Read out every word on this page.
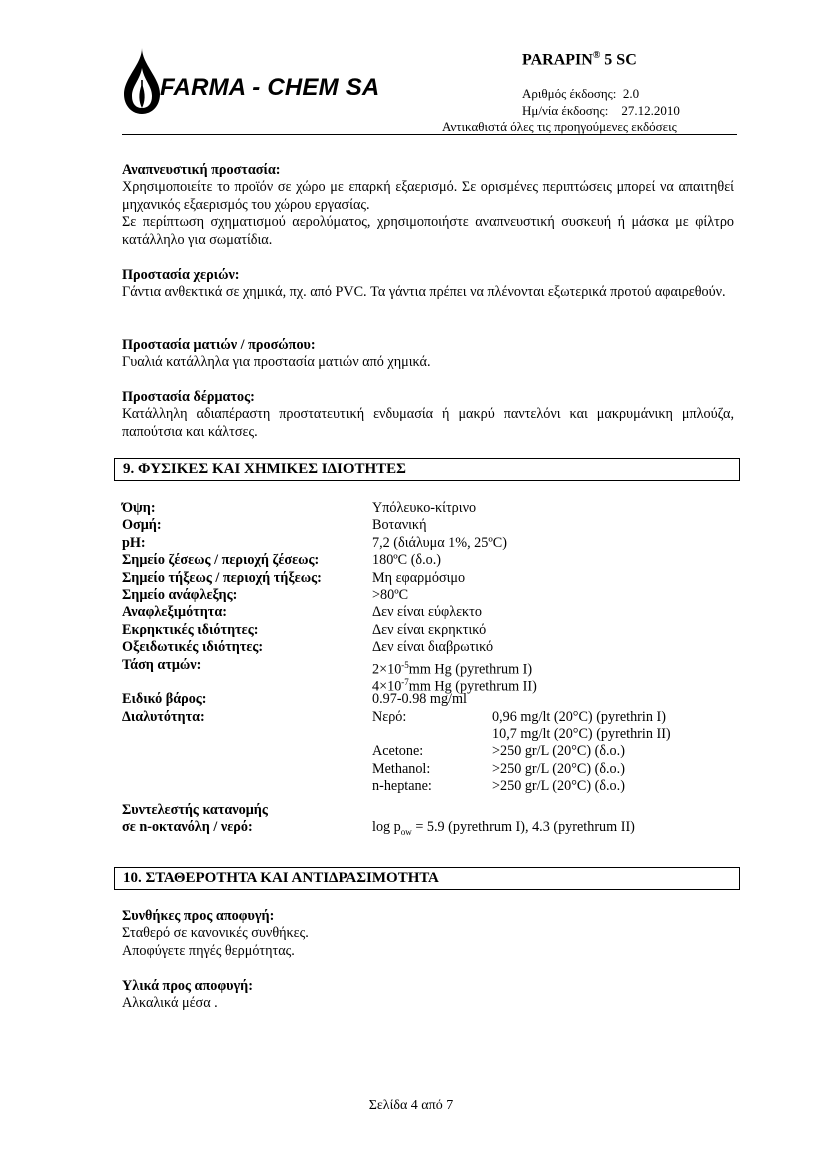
FARMA - CHEM SA
PARAPIN® 5 SC
Αριθμός έκδοσης: 2.0
Ημ/νία έκδοσης: 27.12.2010
Αντικαθιστά όλες τις προηγούμενες εκδόσεις
Αναπνευστική προστασία:
Χρησιμοποιείτε το προϊόν σε χώρο με επαρκή εξαερισμό. Σε ορισμένες περιπτώσεις μπορεί να απαιτηθεί μηχανικός εξαερισμός του χώρου εργασίας.
Σε περίπτωση σχηματισμού αερολύματος, χρησιμοποιήστε αναπνευστική συσκευή ή μάσκα με φίλτρο κατάλληλο για σωματίδια.
Προστασία χεριών:
Γάντια ανθεκτικά σε χημικά, πχ. από PVC. Τα γάντια πρέπει να πλένονται εξωτερικά προτού αφαιρεθούν.
Προστασία ματιών / προσώπου:
Γυαλιά κατάλληλα για προστασία ματιών από χημικά.
Προστασία δέρματος:
Κατάλληλη αδιαπέραστη προστατευτική ενδυμασία ή μακρύ παντελόνι και μακρυμάνικη μπλούζα, παπούτσια και κάλτσες.
9. ΦΥΣΙΚΕΣ ΚΑΙ ΧΗΜΙΚΕΣ ΙΔΙΟΤΗΤΕΣ
Όψη:	Υπόλευκο-κίτρινο
Οσμή:	Βοτανική
pH:	7,2 (διάλυμα 1%, 25ºC)
Σημείο ζέσεως / περιοχή ζέσεως:	180ºC (δ.ο.)
Σημείο τήξεως / περιοχή τήξεως:	Μη εφαρμόσιμο
Σημείο ανάφλεξης:	>80ºC
Αναφλεξιμότητα:	Δεν είναι εύφλεκτο
Εκρηκτικές ιδιότητες:	Δεν είναι εκρηκτικό
Οξειδωτικές ιδιότητες:	Δεν είναι διαβρωτικό
Τάση ατμών:	$2\times 10^{-5}mm$ Hg (pyrethrum I)
$4\times 10^{-7}mm$ Hg (pyrethrum II)
Ειδικό βάρος:	0.97-0.98 mg/ml
Διαλυτότητα:	Νερό:	0,96 mg/lt (20°C) (pyrethrin I)
10,7 mg/lt (20°C) (pyrethrin II)
Acetone:	>250 gr/L (20°C) (δ.ο.)
Methanol:	>250 gr/L (20°C) (δ.ο.)
n-heptane:	>250 gr/L (20°C) (δ.ο.)
Συντελεστής κατανομής
σε n-οκτανόλη / νερό:	$\log p_{ow} = 5.9$ (pyrethrum I), 4.3 (pyrethrum II)
10. ΣΤΑΘΕΡΟΤΗΤΑ ΚΑΙ ΑΝΤΙΔΡΑΣΙΜΟΤΗΤΑ
Συνθήκες προς αποφυγή:
Σταθερό σε κανονικές συνθήκες.
Αποφύγετε πηγές θερμότητας.
Υλικά προς αποφυγή:
Αλκαλικά μέσα .
Σελίδα 4 από 7
